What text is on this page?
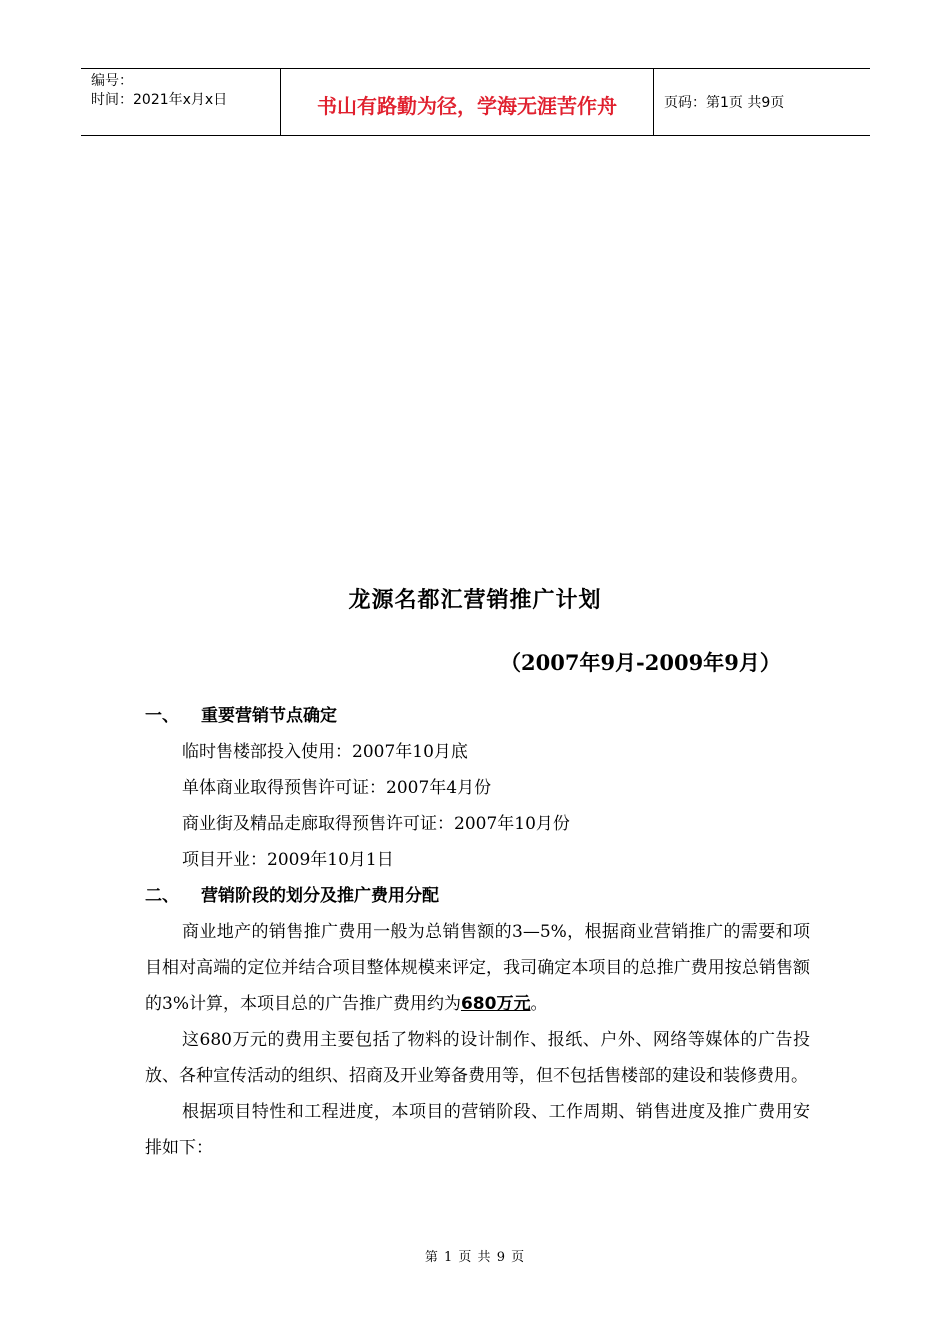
编号：
时间：2021年x月x日	书山有路勤为径，学海无涯苦作舟	页码：第1页 共9页
龙源名都汇营销推广计划
（2007年9月-2009年9月）
一、	重要营销节点确定
临时售楼部投入使用：2007年10月底
单体商业取得预售许可证：2007年4月份
商业街及精品走廊取得预售许可证：2007年10月份
项目开业：2009年10月1日
二、	营销阶段的划分及推广费用分配
商业地产的销售推广费用一般为总销售额的3—5%，根据商业营销推广的需要和项目相对高端的定位并结合项目整体规模来评定，我司确定本项目的总推广费用按总销售额的3%计算，本项目总的广告推广费用约为680万元。
这680万元的费用主要包括了物料的设计制作、报纸、户外、网络等媒体的广告投放、各种宣传活动的组织、招商及开业筹备费用等，但不包括售楼部的建设和装修费用。
根据项目特性和工程进度，本项目的营销阶段、工作周期、销售进度及推广费用安排如下：
第 1 页 共 9 页
